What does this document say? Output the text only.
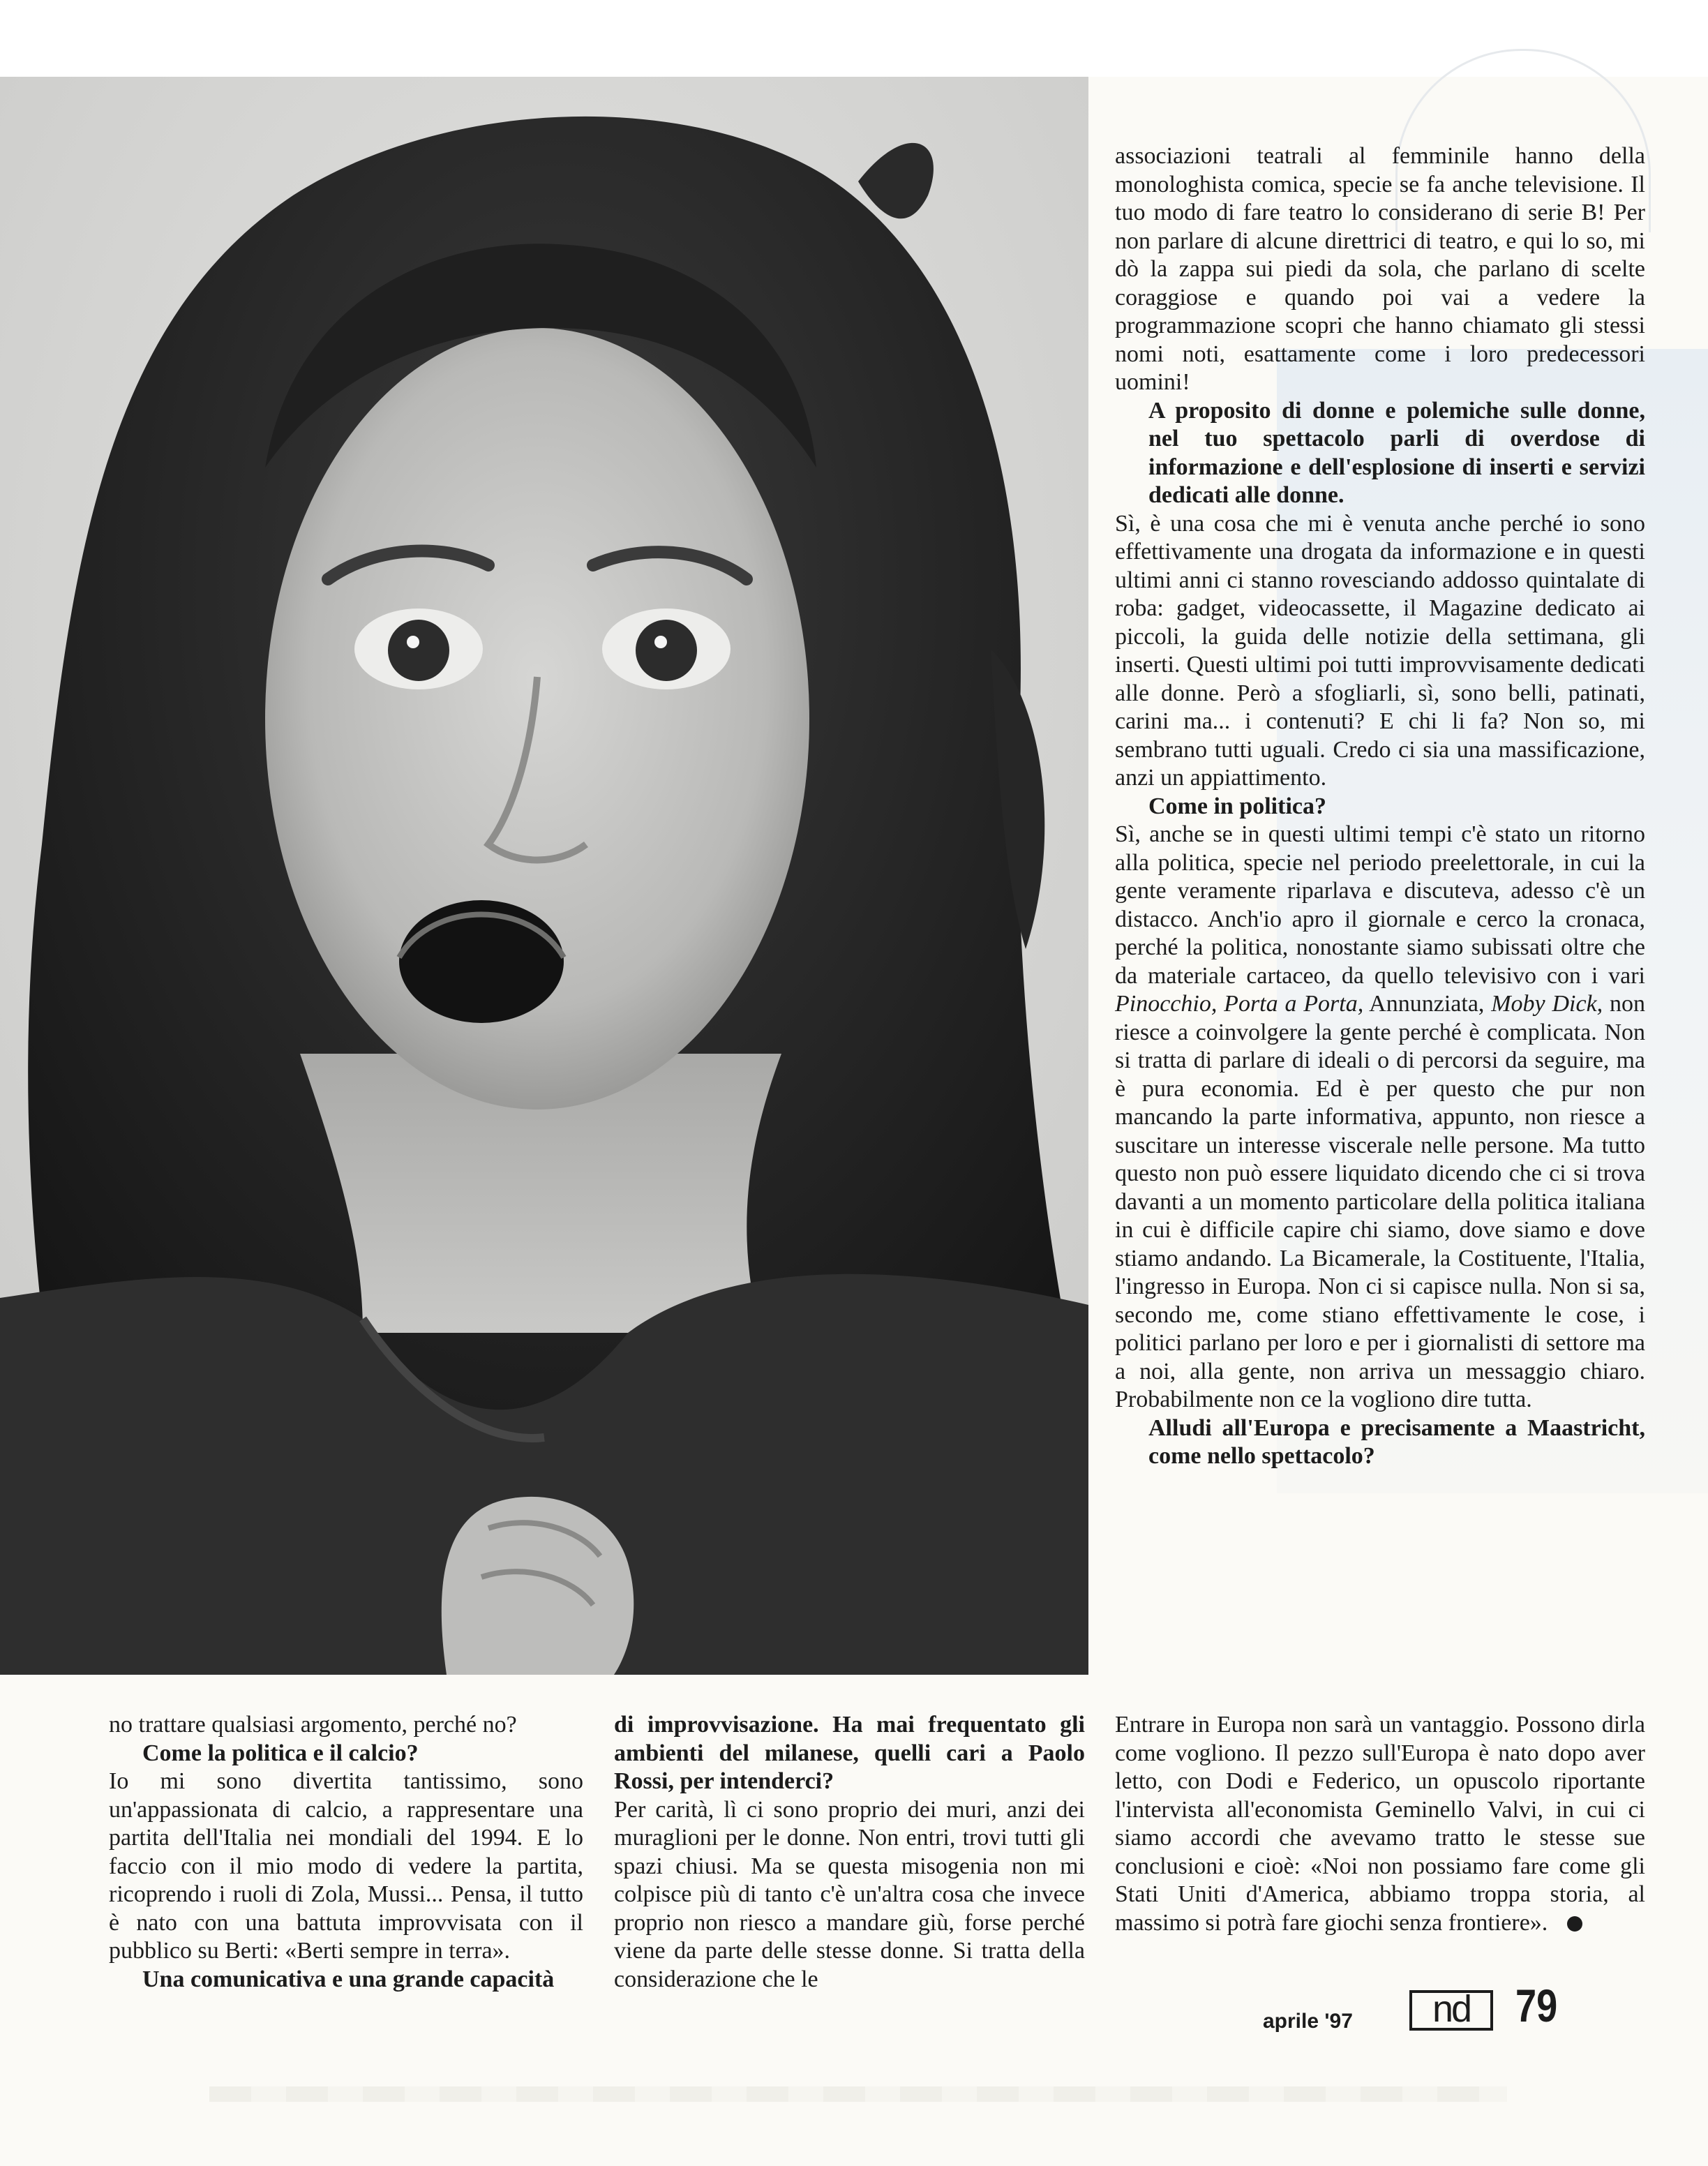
associazioni teatrali al femminile hanno della monologhista comica, specie se fa anche televisione. Il tuo modo di fare teatro lo considerano di serie B! Per non parlare di alcune direttrici di teatro, e qui lo so, mi dò la zappa sui piedi da sola, che parlano di scelte coraggiose e quando poi vai a vedere la programmazione scopri che hanno chiamato gli stessi nomi noti, esattamente come i loro predecessori uomini!

A proposito di donne e polemiche sulle donne, nel tuo spettacolo parli di overdose di informazione e dell'esplosione di inserti e servizi dedicati alle donne.

Sì, è una cosa che mi è venuta anche perché io sono effettivamente una drogata da informazione e in questi ultimi anni ci stanno rovesciando addosso quintalate di roba: gadget, videocassette, il Magazine dedicato ai piccoli, la guida delle notizie della settimana, gli inserti. Questi ultimi poi tutti improvvisamente dedicati alle donne. Però a sfogliarli, sì, sono belli, patinati, carini ma... i contenuti? E chi li fa? Non so, mi sembrano tutti uguali. Credo ci sia una massificazione, anzi un appiattimento.

Come in politica?

Sì, anche se in questi ultimi tempi c'è stato un ritorno alla politica, specie nel periodo preelettorale, in cui la gente veramente riparlava e discuteva, adesso c'è un distacco. Anch'io apro il giornale e cerco la cronaca, perché la politica, nonostante siamo subissati oltre che da materiale cartaceo, da quello televisivo con i vari Pinocchio, Porta a Porta, Annunziata, Moby Dick, non riesce a coinvolgere la gente perché è complicata. Non si tratta di parlare di ideali o di percorsi da seguire, ma è pura economia. Ed è per questo che pur non mancando la parte informativa, appunto, non riesce a suscitare un interesse viscerale nelle persone. Ma tutto questo non può essere liquidato dicendo che ci si trova davanti a un momento particolare della politica italiana in cui è difficile capire chi siamo, dove siamo e dove stiamo andando. La Bicamerale, la Costituente, l'Italia, l'ingresso in Europa. Non ci si capisce nulla. Non si sa, secondo me, come stiano effettivamente le cose, i politici parlano per loro e per i giornalisti di settore ma a noi, alla gente, non arriva un messaggio chiaro. Probabilmente non ce la vogliono dire tutta.

Alludi all'Europa e precisamente a Maastricht, come nello spettacolo?

no trattare qualsiasi argomento, perché no?

Come la politica e il calcio?

Io mi sono divertita tantissimo, sono un'appassionata di calcio, a rappresentare una partita dell'Italia nei mondiali del 1994. E lo faccio con il mio modo di vedere la partita, ricoprendo i ruoli di Zola, Mussi... Pensa, il tutto è nato con una battuta improvvisata con il pubblico su Berti: «Berti sempre in terra».

Una comunicativa e una grande capacità

di improvvisazione. Ha mai frequentato gli ambienti del milanese, quelli cari a Paolo Rossi, per intenderci?

Per carità, lì ci sono proprio dei muri, anzi dei muraglioni per le donne. Non entri, trovi tutti gli spazi chiusi. Ma se questa misogenia non mi colpisce più di tanto c'è un'altra cosa che invece proprio non riesco a mandare giù, forse perché viene da parte delle stesse donne. Si tratta della considerazione che le

Entrare in Europa non sarà un vantaggio. Possono dirla come vogliono. Il pezzo sull'Europa è nato dopo aver letto, con Dodi e Federico, un opuscolo riportante l'intervista all'economista Geminello Valvi, in cui ci siamo accordi che avevamo tratto le stesse sue conclusioni e cioè: «Noi non possiamo fare come gli Stati Uniti d'America, abbiamo troppa storia, al massimo si potrà fare giochi senza frontiere».

aprile '97	nd 79
